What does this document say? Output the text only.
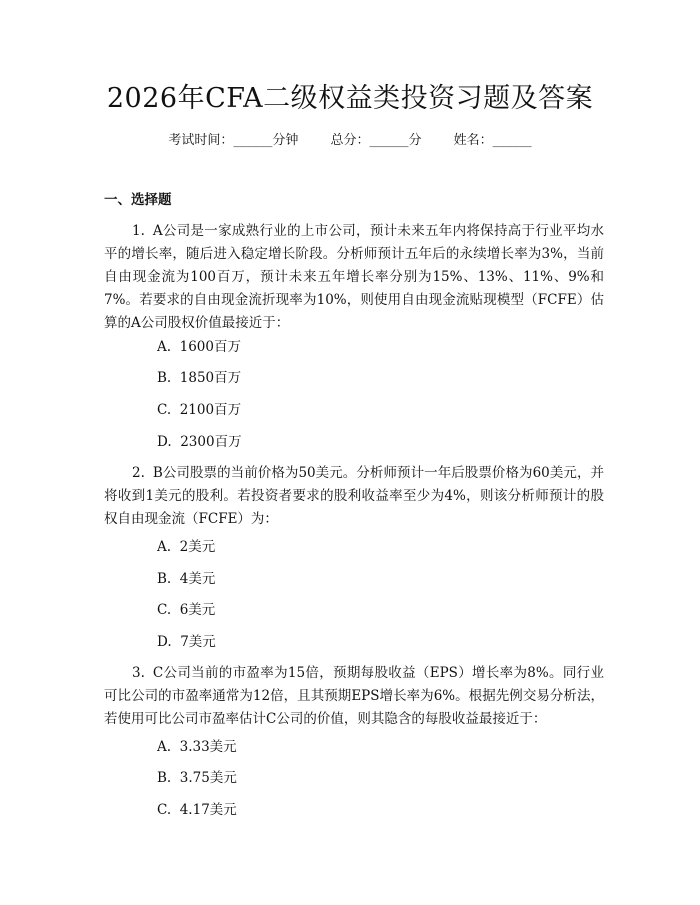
2026年CFA二级权益类投资习题及答案
考试时间：______分钟 总分：______分 姓名：______
一、选择题
1. A公司是一家成熟行业的上市公司，预计未来五年内将保持高于行业平均水平的增长率，随后进入稳定增长阶段。分析师预计五年后的永续增长率为3%，当前自由现金流为100百万，预计未来五年增长率分别为15%、13%、11%、9%和7%。若要求的自由现金流折现率为10%，则使用自由现金流贴现模型（FCFE）估算的A公司股权价值最接近于：
A.  1600百万
B.  1850百万
C.  2100百万
D.  2300百万
2. B公司股票的当前价格为50美元。分析师预计一年后股票价格为60美元，并将收到1美元的股利。若投资者要求的股利收益率至少为4%，则该分析师预计的股权自由现金流（FCFE）为：
A.  2美元
B.  4美元
C.  6美元
D.  7美元
3. C公司当前的市盈率为15倍，预期每股收益（EPS）增长率为8%。同行业可比公司的市盈率通常为12倍，且其预期EPS增长率为6%。根据先例交易分析法，若使用可比公司市盈率估计C公司的价值，则其隐含的每股收益最接近于：
A.  3.33美元
B.  3.75美元
C.  4.17美元
